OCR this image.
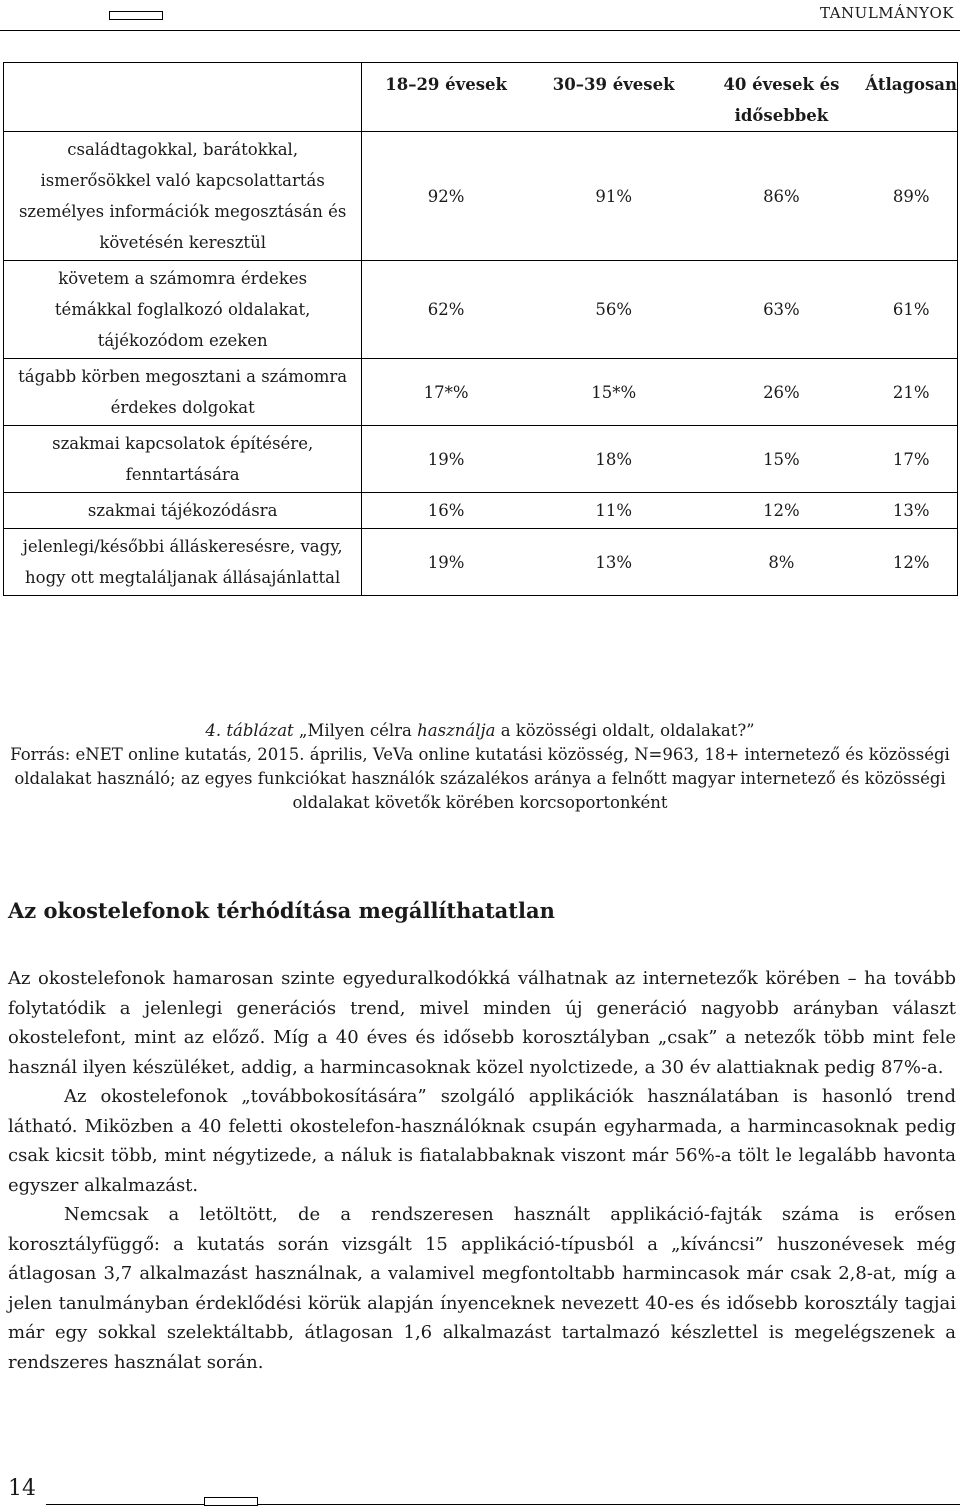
TANULMÁNYOK
	18–29 évesek	30–39 évesek	40 évesek és idősebbek	Átlagosan
családtagokkal, barátokkal, ismerősökkel való kapcsolattartás személyes információk megosztásán és követésén keresztül	92%	91%	86%	89%
követem a számomra érdekes témákkal foglalkozó oldalakat, tájékozódom ezeken	62%	56%	63%	61%
tágabb körben megosztani a számomra érdekes dolgokat	17*%	15*%	26%	21%
szakmai kapcsolatok építésére, fenntartására	19%	18%	15%	17%
szakmai tájékozódásra	16%	11%	12%	13%
jelenlegi/későbbi álláskeresésre, vagy, hogy ott megtaláljanak állásajánlattal	19%	13%	8%	12%
4. táblázat „Milyen célra használja a közösségi oldalt, oldalakat?”
Forrás: eNET online kutatás, 2015. április, VeVa online kutatási közösség, N=963, 18+ internetező és közösségi oldalakat használó; az egyes funkciókat használók százalékos aránya a felnőtt magyar internetező és közösségi oldalakat követők körében korcsoportonként
Az okostelefonok térhódítása megállíthatatlan

Az okostelefonok hamarosan szinte egyeduralkodókká válhatnak az internetezők körében – ha tovább folytatódik a jelenlegi generációs trend, mivel minden új generáció nagyobb arányban választ okostelefont, mint az előző. Míg a 40 éves és idősebb korosztályban „csak” a netezők több mint fele használ ilyen készüléket, addig, a harmincasoknak közel nyolctizede, a 30 év alattiaknak pedig 87%-a.

Az okostelefonok „továbbokosítására” szolgáló applikációk használatában is hasonló trend látható. Miközben a 40 feletti okostelefon-használóknak csupán egyharmada, a harmincasoknak pedig csak kicsit több, mint négytizede, a náluk is fiatalabbaknak viszont már 56%-a tölt le legalább havonta egyszer alkalmazást.

Nemcsak a letöltött, de a rendszeresen használt applikáció-fajták száma is erősen korosztályfüggő: a kutatás során vizsgált 15 applikáció-típusból a „kíváncsi” huszonévesek még átlagosan 3,7 alkalmazást használnak, a valamivel megfontoltabb harmincasok már csak 2,8-at, míg a jelen tanulmányban érdeklődési körük alapján ínyenceknek nevezett 40-es és idősebb korosztály tagjai már egy sokkal szelektáltabb, átlagosan 1,6 alkalmazást tartalmazó készlettel is megelégszenek a rendszeres használat során.

14
